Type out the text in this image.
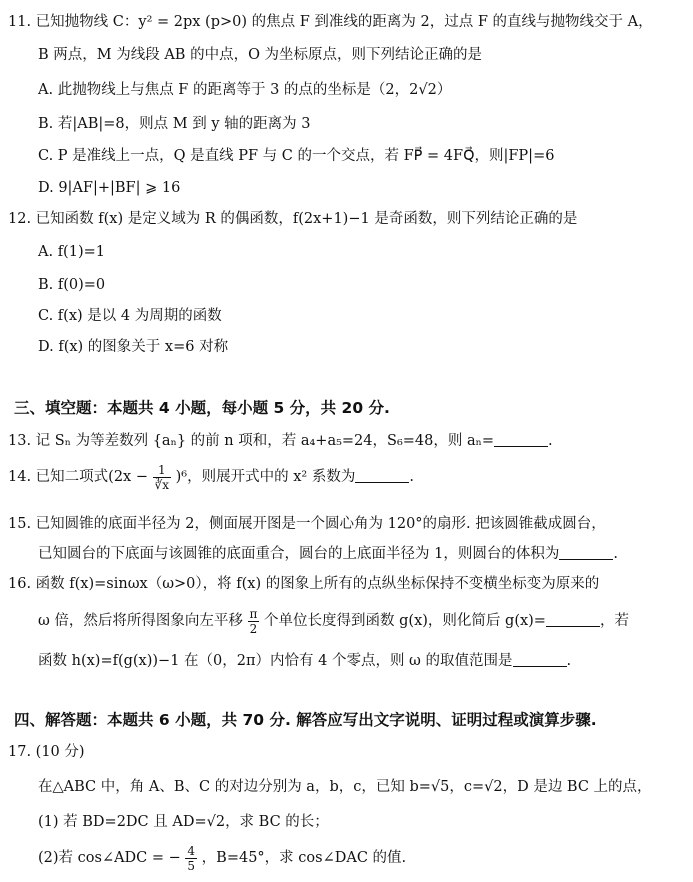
11. 已知抛物线 C：y² = 2px (p>0) 的焦点 F 到准线的距离为 2，过点 F 的直线与抛物线交于 A，
B 两点，M 为线段 AB 的中点，O 为坐标原点，则下列结论正确的是
A. 此抛物线上与焦点 F 的距离等于 3 的点的坐标是（2，2√2）
B. 若|AB|=8，则点 M 到 y 轴的距离为 3
C. P 是准线上一点，Q 是直线 PF 与 C 的一个交点，若 FP⃗ = 4FQ⃗，则|FP|=6
D. 9|AF|+|BF| ⩾ 16
12. 已知函数 f(x) 是定义域为 R 的偶函数，f(2x+1)−1 是奇函数，则下列结论正确的是
A. f(1)=1
B. f(0)=0
C. f(x) 是以 4 为周期的函数
D. f(x) 的图象关于 x=6 对称
三、填空题：本题共 4 小题，每小题 5 分，共 20 分.
13. 记 Sₙ 为等差数列 {aₙ} 的前 n 项和，若 a₄+a₅=24，S₆=48，则 aₙ=	.
14. 已知二项式$(2x - \frac{1}{∛x} )^6$，则展开式中的 x² 系数为	.
15. 已知圆锥的底面半径为 2，侧面展开图是一个圆心角为 120°的扇形. 把该圆锥截成圆台，
已知圆台的下底面与该圆锥的底面重合，圆台的上底面半径为 1，则圆台的体积为	.
16. 函数 f(x)=sinωx（ω>0），将 f(x) 的图象上所有的点纵坐标保持不变横坐标变为原来的
ω 倍，然后将所得图象向左平移 $\frac{\pi}{2}$ 个单位长度得到函数 g(x)，则化简后 g(x)=	，若
函数 h(x)=f(g(x))−1 在（0，2π）内恰有 4 个零点，则 ω 的取值范围是	.
四、解答题：本题共 6 小题，共 70 分. 解答应写出文字说明、证明过程或演算步骤.
17. (10 分)
在△ABC 中，角 A、B、C 的对边分别为 a，b，c，已知 b=√5，c=√2，D 是边 BC 上的点，
(1) 若 BD=2DC 且 AD=√2，求 BC 的长；
(2)若 cos∠ADC = − $\frac{4}{5}$ ，B=45°，求 cos∠DAC 的值.
